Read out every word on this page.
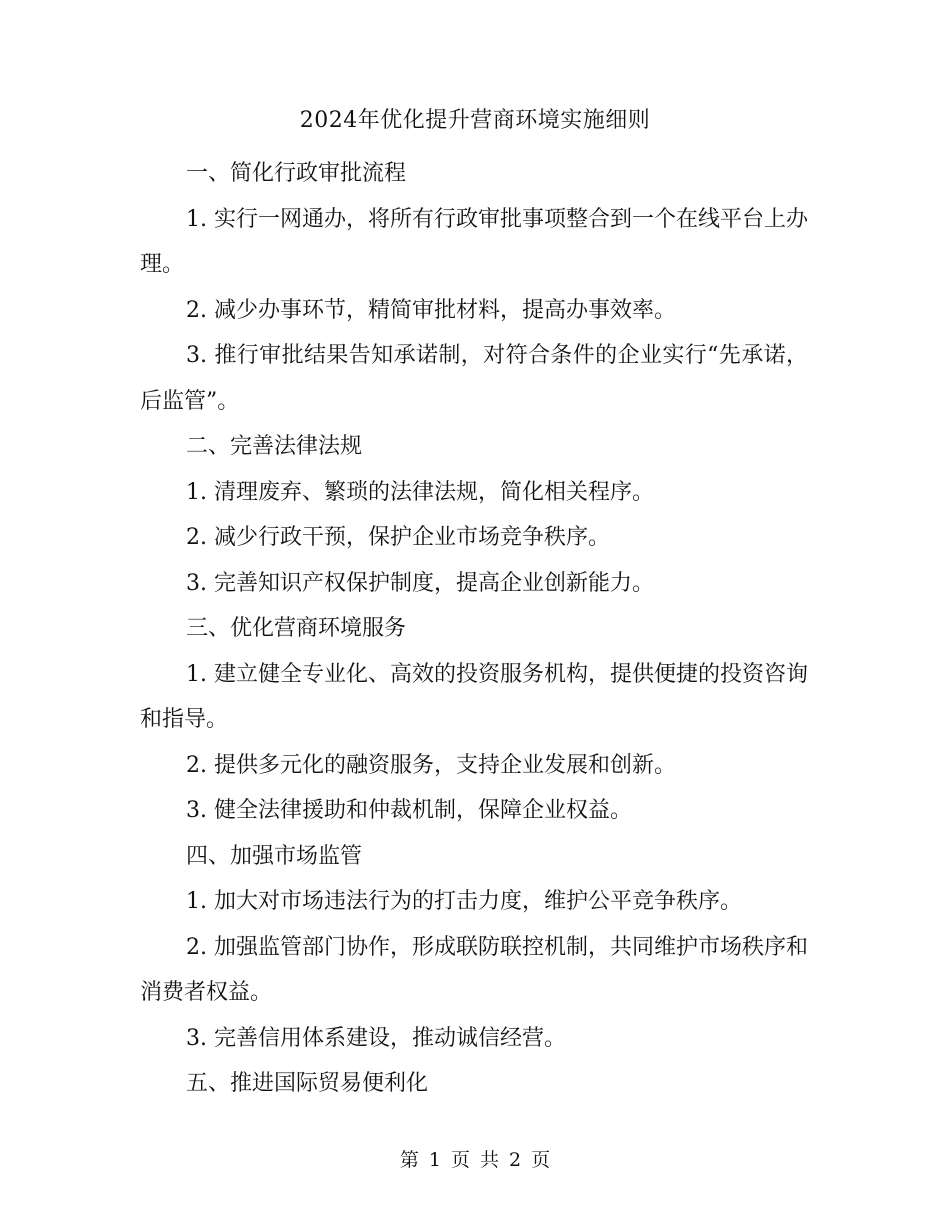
2024年优化提升营商环境实施细则

一、简化行政审批流程

1. 实行一网通办，将所有行政审批事项整合到一个在线平台上办理。

2. 减少办事环节，精简审批材料，提高办事效率。

3. 推行审批结果告知承诺制，对符合条件的企业实行“先承诺，后监管”。

二、完善法律法规

1. 清理废弃、繁琐的法律法规，简化相关程序。

2. 减少行政干预，保护企业市场竞争秩序。

3. 完善知识产权保护制度，提高企业创新能力。

三、优化营商环境服务

1. 建立健全专业化、高效的投资服务机构，提供便捷的投资咨询和指导。

2. 提供多元化的融资服务，支持企业发展和创新。

3. 健全法律援助和仲裁机制，保障企业权益。

四、加强市场监管

1. 加大对市场违法行为的打击力度，维护公平竞争秩序。

2. 加强监管部门协作，形成联防联控机制，共同维护市场秩序和消费者权益。

3. 完善信用体系建设，推动诚信经营。

五、推进国际贸易便利化

第 1 页 共 2 页
